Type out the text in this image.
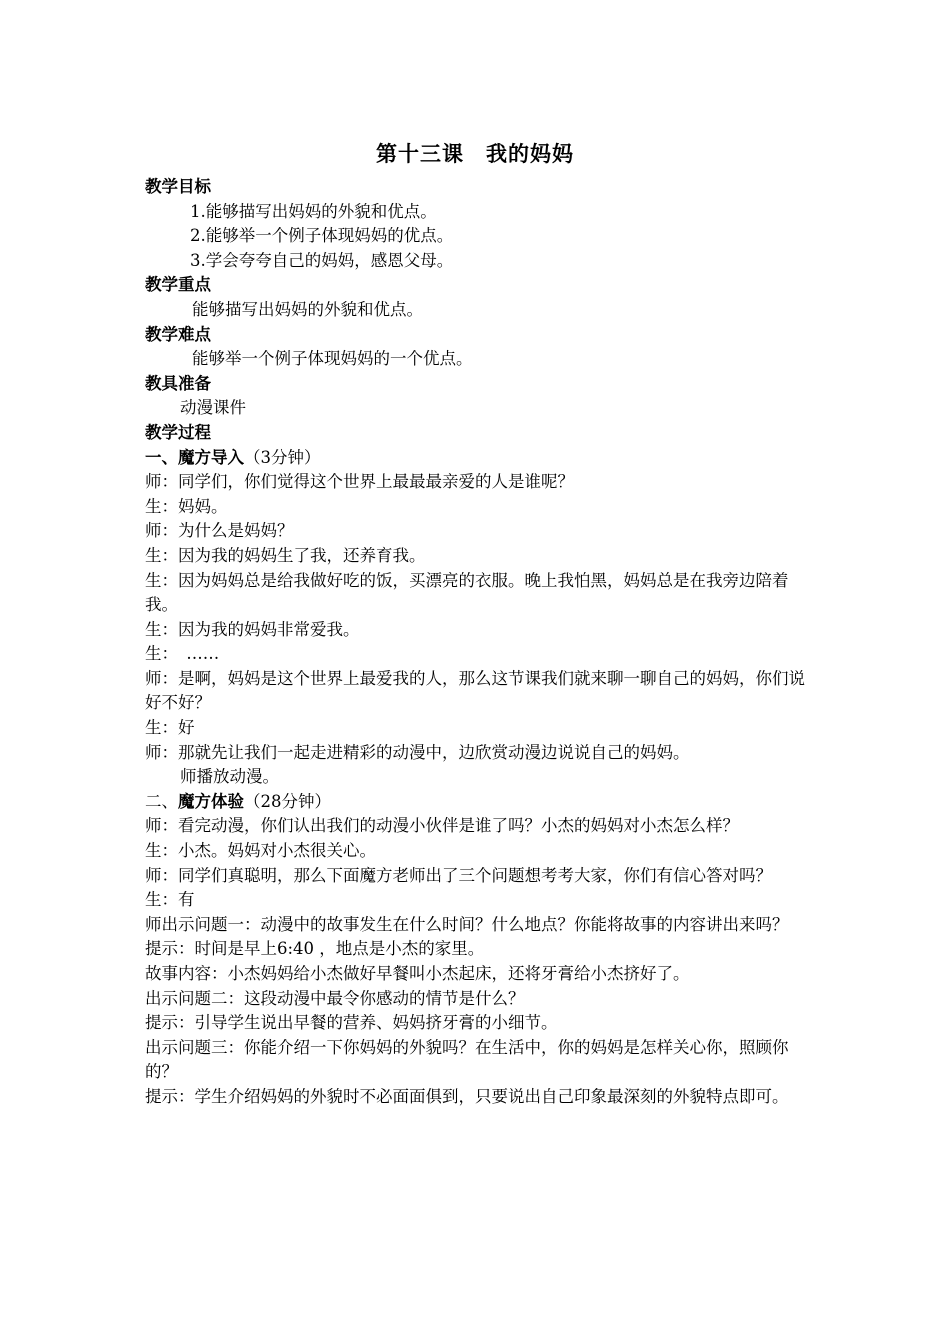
第十三课　我的妈妈

教学目标

1.能够描写出妈妈的外貌和优点。

2.能够举一个例子体现妈妈的优点。

3.学会夸夸自己的妈妈，感恩父母。

教学重点

能够描写出妈妈的外貌和优点。

教学难点

能够举一个例子体现妈妈的一个优点。

教具准备

动漫课件

教学过程

一、魔方导入（3分钟）

师：同学们，你们觉得这个世界上最最最亲爱的人是谁呢？

生：妈妈。

师：为什么是妈妈？

生：因为我的妈妈生了我，还养育我。

生：因为妈妈总是给我做好吃的饭，买漂亮的衣服。晚上我怕黑，妈妈总是在我旁边陪着我。

生：因为我的妈妈非常爱我。

生：　……

师：是啊，妈妈是这个世界上最爱我的人，那么这节课我们就来聊一聊自己的妈妈，你们说好不好？

生：好

师：那就先让我们一起走进精彩的动漫中，边欣赏动漫边说说自己的妈妈。

师播放动漫。

二、魔方体验（28分钟）

师：看完动漫，你们认出我们的动漫小伙伴是谁了吗？小杰的妈妈对小杰怎么样？

生：小杰。妈妈对小杰很关心。

师：同学们真聪明，那么下面魔方老师出了三个问题想考考大家，你们有信心答对吗？

生：有

师出示问题一：动漫中的故事发生在什么时间？什么地点？你能将故事的内容讲出来吗？

提示：时间是早上6:40 ，地点是小杰的家里。

故事内容：小杰妈妈给小杰做好早餐叫小杰起床，还将牙膏给小杰挤好了。

出示问题二：这段动漫中最令你感动的情节是什么？

提示：引导学生说出早餐的营养、妈妈挤牙膏的小细节。

出示问题三：你能介绍一下你妈妈的外貌吗？在生活中，你的妈妈是怎样关心你，照顾你的？

提示：学生介绍妈妈的外貌时不必面面俱到，只要说出自己印象最深刻的外貌特点即可。
